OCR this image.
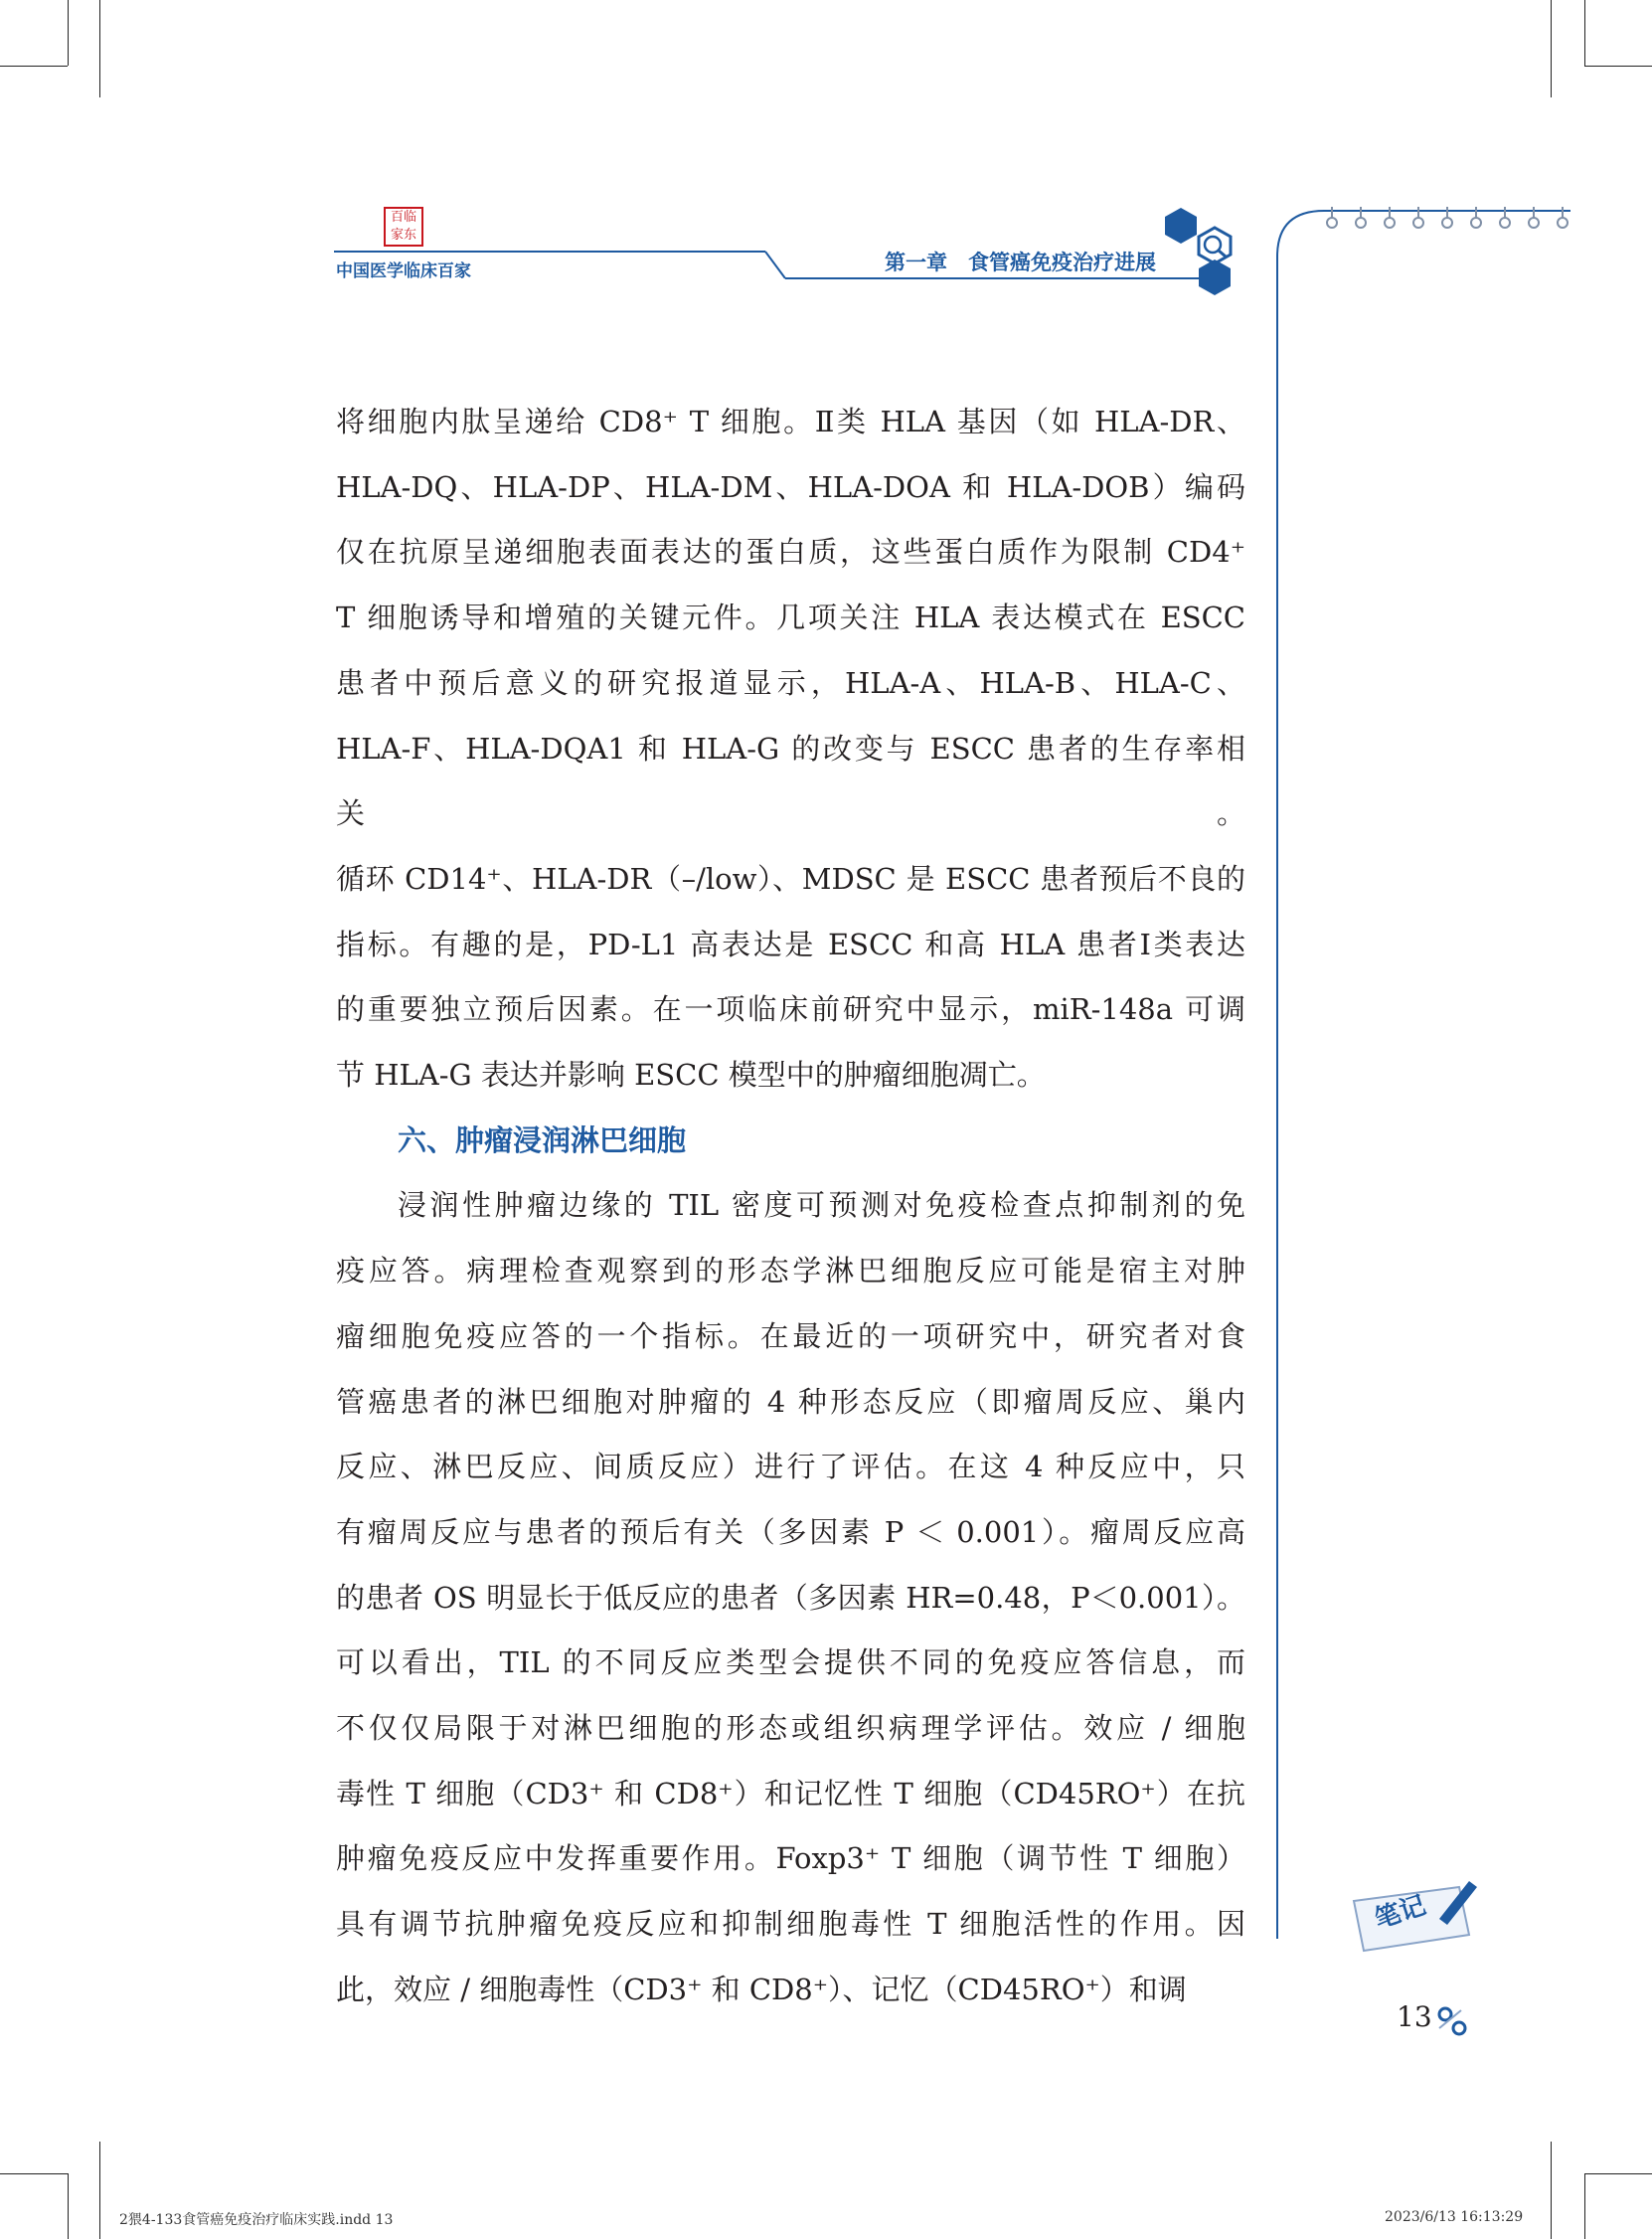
百临家东
中国医学临床百家	第一章　食管癌免疫治疗进展
将细胞内肽呈递给 CD8⁺ T 细胞。Ⅱ类 HLA 基因（如 HLA-DR、
HLA-DQ、HLA-DP、HLA-DM、HLA-DOA 和 HLA-DOB）编码
仅在抗原呈递细胞表面表达的蛋白质，这些蛋白质作为限制 CD4⁺
T 细胞诱导和增殖的关键元件。几项关注 HLA 表达模式在 ESCC
患者中预后意义的研究报道显示，HLA-A、HLA-B、HLA-C、
HLA-F、HLA-DQA1 和 HLA-G 的改变与 ESCC 患者的生存率相关。
循环 CD14⁺、HLA-DR（–/low）、MDSC 是 ESCC 患者预后不良的
指标。有趣的是，PD-L1 高表达是 ESCC 和高 HLA 患者Ⅰ类表达
的重要独立预后因素。在一项临床前研究中显示，miR-148a 可调
节 HLA-G 表达并影响 ESCC 模型中的肿瘤细胞凋亡。
六、肿瘤浸润淋巴细胞
浸润性肿瘤边缘的 TIL 密度可预测对免疫检查点抑制剂的免
疫应答。病理检查观察到的形态学淋巴细胞反应可能是宿主对肿
瘤细胞免疫应答的一个指标。在最近的一项研究中，研究者对食
管癌患者的淋巴细胞对肿瘤的 4 种形态反应（即瘤周反应、巢内
反应、淋巴反应、间质反应）进行了评估。在这 4 种反应中，只
有瘤周反应与患者的预后有关（多因素 P ＜ 0.001）。瘤周反应高
的患者 OS 明显长于低反应的患者（多因素 HR=0.48，P＜0.001）。
可以看出，TIL 的不同反应类型会提供不同的免疫应答信息，而
不仅仅局限于对淋巴细胞的形态或组织病理学评估。效应 / 细胞
毒性 T 细胞（CD3⁺ 和 CD8⁺）和记忆性 T 细胞（CD45RO⁺）在抗
肿瘤免疫反应中发挥重要作用。Foxp3⁺ T 细胞（调节性 T 细胞）
具有调节抗肿瘤免疫反应和抑制细胞毒性 T 细胞活性的作用。因
此，效应 / 细胞毒性（CD3⁺ 和 CD8⁺）、记忆（CD45RO⁺）和调
笔记
13
2猥4-133食管癌免疫治疗临床实践.indd 13	2023/6/13 16:13:29
